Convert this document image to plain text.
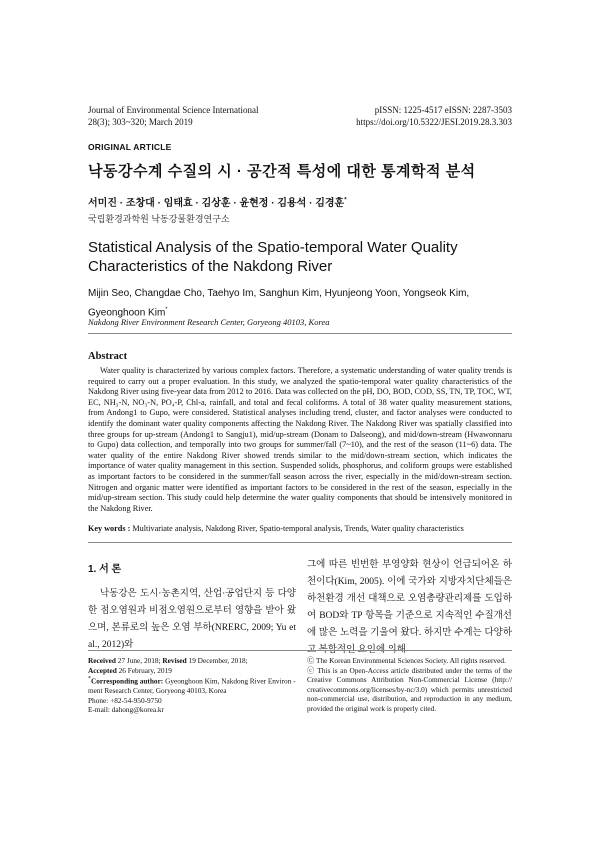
Journal of Environmental Science International
28(3); 303~320; March 2019
pISSN: 1225-4517 eISSN: 2287-3503
https://doi.org/10.5322/JESI.2019.28.3.303
ORIGINAL ARTICLE
낙동강수계 수질의 시 · 공간적 특성에 대한 통계학적 분석
서미진 · 조창대 · 임태효 · 김상훈 · 윤현정 · 김용석 · 김경훈*
국립환경과학원 낙동강물환경연구소
Statistical Analysis of the Spatio-temporal Water Quality Characteristics of the Nakdong River
Mijin Seo, Changdae Cho, Taehyo Im, Sanghun Kim, Hyunjeong Yoon, Yongseok Kim, Gyeonghoon Kim*
Nakdong River Environment Research Center, Goryeong 40103, Korea
Abstract

Water quality is characterized by various complex factors. Therefore, a systematic understanding of water quality trends is required to carry out a proper evaluation. In this study, we analyzed the spatio-temporal water quality characteristics of the Nakdong River using five-year data from 2012 to 2016. Data was collected on the pH, DO, BOD, COD, SS, TN, TP, TOC, WT, EC, NH₃-N, NO₃-N, PO₄-P, Chl-a, rainfall, and total and fecal coliforms. A total of 38 water quality measurement stations, from Andong1 to Gupo, were considered. Statistical analyses including trend, cluster, and factor analyses were conducted to identify the dominant water quality components affecting the Nakdong River. The Nakdong River was spatially classified into three groups for up-stream (Andong1 to Sangju1), mid/up-stream (Donam to Dalseong), and mid/down-stream (Hwawonnaru to Gupo) data collection, and temporally into two groups for summer/fall (7~10), and the rest of the season (11~6) data. The water quality of the entire Nakdong River showed trends similar to the mid/down-stream section, which indicates the importance of water quality management in this section. Suspended solids, phosphorus, and coliform groups were established as important factors to be considered in the summer/fall season across the river, especially in the mid/down-stream section. Nitrogen and organic matter were identified as important factors to be considered in the rest of the season, especially in the mid/up-stream section. This study could help determine the water quality components that should be intensively monitored in the Nakdong River.

Key words : Multivariate analysis, Nakdong River, Spatio-temporal analysis, Trends, Water quality characteristics
1. 서 론

낙동강은 도시·농촌지역, 산업·공업단지 등 다양한 점오염원과 비점오염원으로부터 영향을 받아 왔으며, 본류로의 높은 오염 부하(NRERC, 2009; Yu et al., 2012)와

그에 따른 빈번한 부영양화 현상이 언급되어온 하천이다(Kim, 2005). 이에 국가와 지방자치단체들은 하천환경 개선 대책으로 오염총량관리제를 도입하여 BOD와 TP 항목을 기준으로 지속적인 수질개선에 많은 노력을 기울여 왔다. 하지만 수계는 다양하고 복합적인 요인에 의해

Received 27 June, 2018; Revised 19 December, 2018;

Accepted 26 February, 2019

*Corresponding author: Gyeonghoon Kim, Nakdong River Environ -ment Research Center, Goryeong 40103, Korea

Phone: +82-54-950-9750

E-mail: dahong@korea.kr

Ⓒ The Korean Environmental Sciences Society. All rights reserved.

ⓒ This is an Open-Access article distributed under the terms of the Creative Commons Attribution Non-Commercial License (http:// creativecommons.org/licenses/by-nc/3.0) which permits unrestricted non-commercial use, distribution, and reproduction in any medium, provided the original work is properly cited.
